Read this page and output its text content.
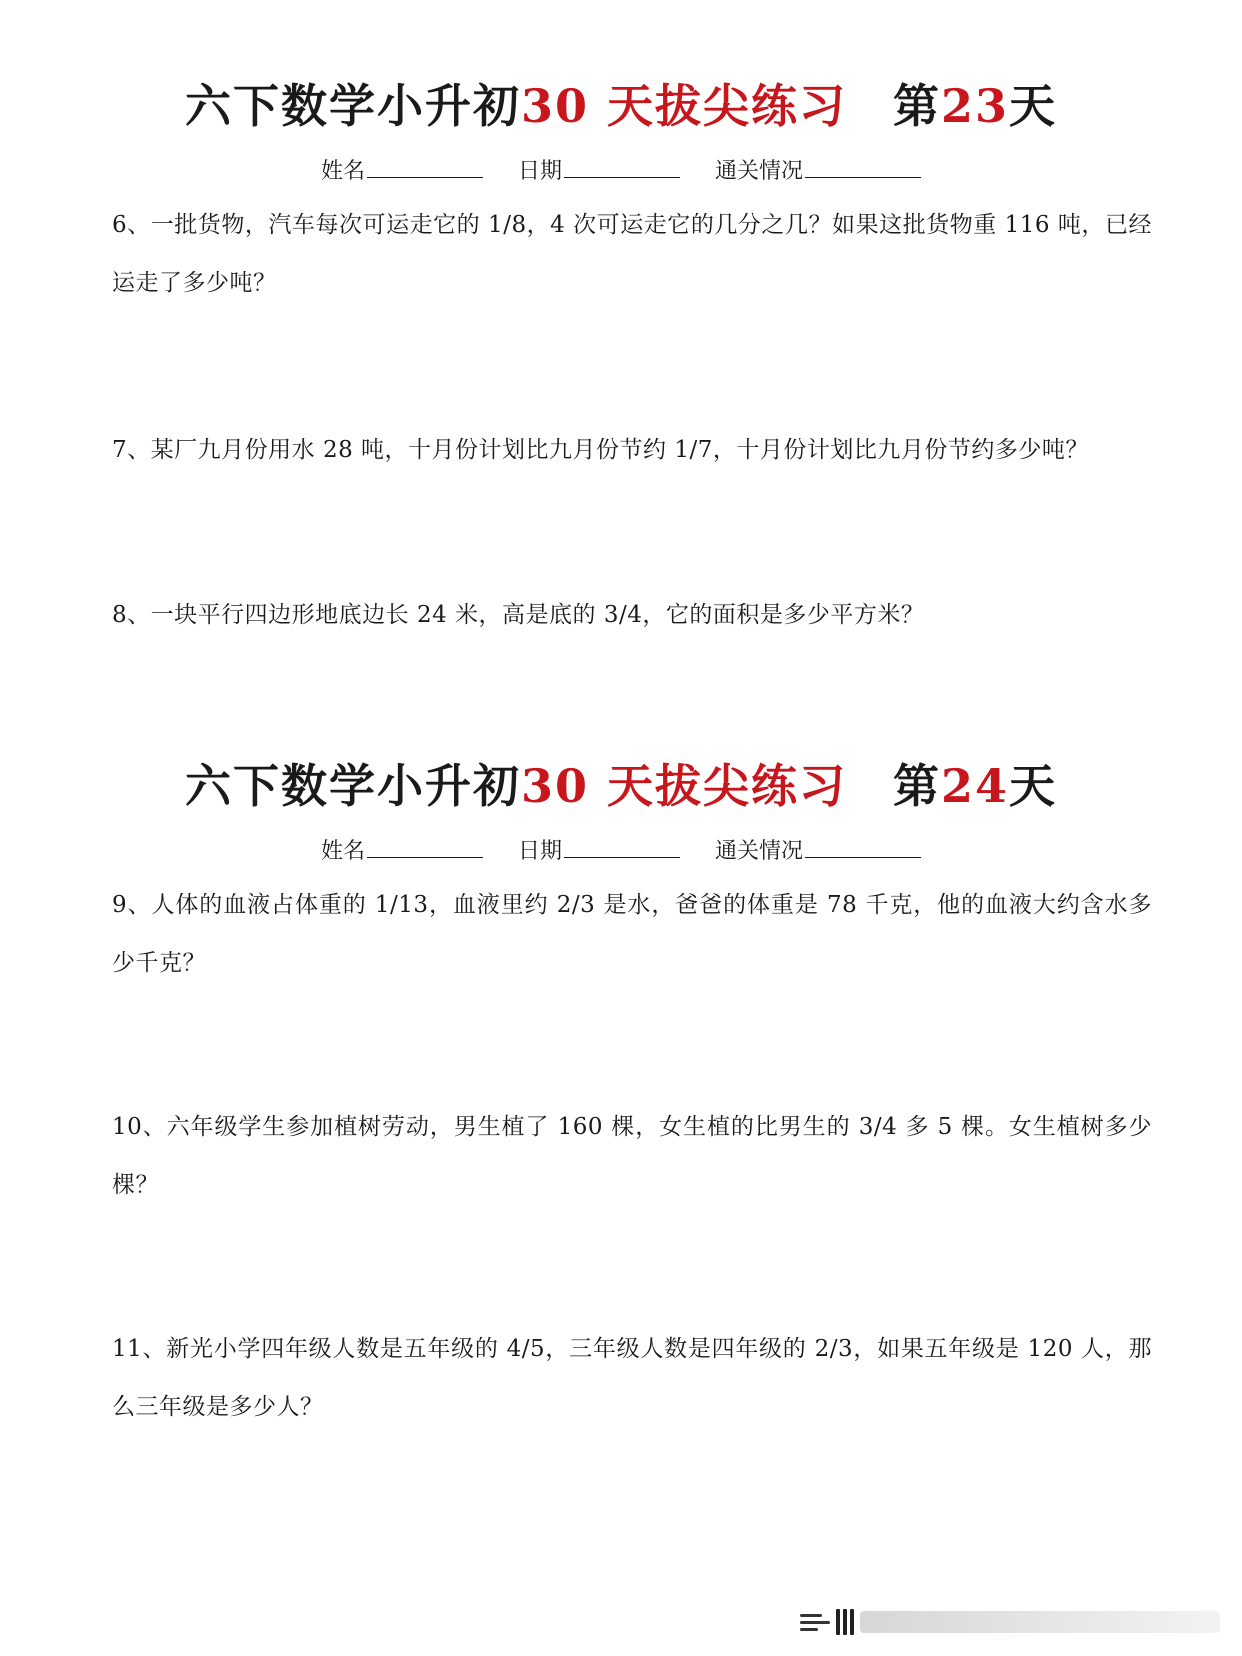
六下数学小升初30 天拔尖练习 第23天
姓名	日期	通关情况
6、一批货物，汽车每次可运走它的 1/8，4 次可运走它的几分之几？如果这批货物重 116 吨，已经运走了多少吨？
7、某厂九月份用水 28 吨，十月份计划比九月份节约 1/7，十月份计划比九月份节约多少吨？
8、一块平行四边形地底边长 24 米，高是底的 3/4，它的面积是多少平方米？
六下数学小升初30 天拔尖练习 第24天
姓名	日期	通关情况
9、人体的血液占体重的 1/13，血液里约 2/3 是水，爸爸的体重是 78 千克，他的血液大约含水多少千克？
10、六年级学生参加植树劳动，男生植了 160 棵，女生植的比男生的 3/4 多 5 棵。女生植树多少棵？
11、新光小学四年级人数是五年级的 4/5，三年级人数是四年级的 2/3，如果五年级是 120 人，那么三年级是多少人？
